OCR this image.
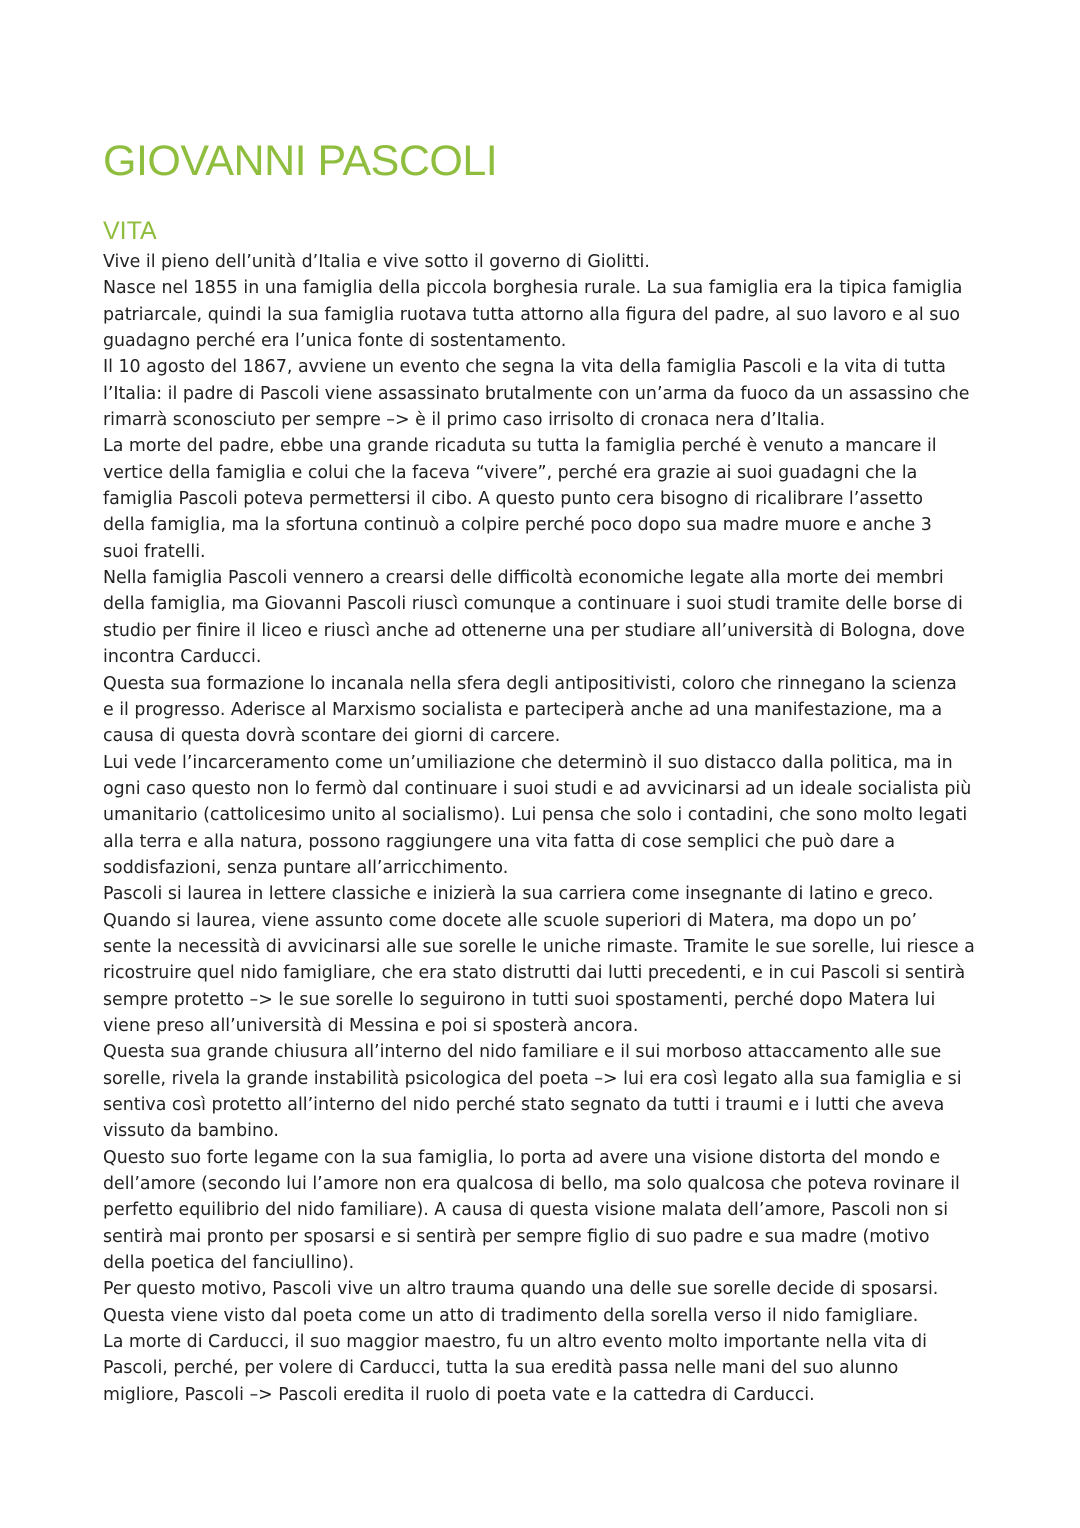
GIOVANNI PASCOLI
VITA
Vive il pieno dell’unità d’Italia e vive sotto il governo di Giolitti.
Nasce nel 1855 in una famiglia della piccola borghesia rurale. La sua famiglia era la tipica famiglia
patriarcale, quindi la sua famiglia ruotava tutta attorno alla figura del padre, al suo lavoro e al suo
guadagno perché era l’unica fonte di sostentamento.
Il 10 agosto del 1867, avviene un evento che segna la vita della famiglia Pascoli e la vita di tutta
l’Italia: il padre di Pascoli viene assassinato brutalmente con un’arma da fuoco da un assassino che
rimarrà sconosciuto per sempre –> è il primo caso irrisolto di cronaca nera d’Italia.
La morte del padre, ebbe una grande ricaduta su tutta la famiglia perché è venuto a mancare il
vertice della famiglia e colui che la faceva “vivere”, perché era grazie ai suoi guadagni che la
famiglia Pascoli poteva permettersi il cibo. A questo punto cera bisogno di ricalibrare l’assetto
della famiglia, ma la sfortuna continuò a colpire perché poco dopo sua madre muore e anche 3
suoi fratelli.
Nella famiglia Pascoli vennero a crearsi delle difficoltà economiche legate alla morte dei membri
della famiglia, ma Giovanni Pascoli riuscì comunque a continuare i suoi studi tramite delle borse di
studio per finire il liceo e riuscì anche ad ottenerne una per studiare all’università di Bologna, dove
incontra Carducci.
Questa sua formazione lo incanala nella sfera degli antipositivisti, coloro che rinnegano la scienza
e il progresso. Aderisce al Marxismo socialista e parteciperà anche ad una manifestazione, ma a
causa di questa dovrà scontare dei giorni di carcere.
Lui vede l’incarceramento come un’umiliazione che determinò il suo distacco dalla politica, ma in
ogni caso questo non lo fermò dal continuare i suoi studi e ad avvicinarsi ad un ideale socialista più
umanitario (cattolicesimo unito al socialismo). Lui pensa che solo i contadini, che sono molto legati
alla terra e alla natura, possono raggiungere una vita fatta di cose semplici che può dare a
soddisfazioni, senza puntare all’arricchimento.
Pascoli si laurea in lettere classiche e inizierà la sua carriera come insegnante di latino e greco.
Quando si laurea, viene assunto come docete alle scuole superiori di Matera, ma dopo un po’
sente la necessità di avvicinarsi alle sue sorelle le uniche rimaste. Tramite le sue sorelle, lui riesce a
ricostruire quel nido famigliare, che era stato distrutti dai lutti precedenti, e in cui Pascoli si sentirà
sempre protetto –> le sue sorelle lo seguirono in tutti suoi spostamenti, perché dopo Matera lui
viene preso all’università di Messina e poi si sposterà ancora.
Questa sua grande chiusura all’interno del nido familiare e il sui morboso attaccamento alle sue
sorelle, rivela la grande instabilità psicologica del poeta –> lui era così legato alla sua famiglia e si
sentiva così protetto all’interno del nido perché stato segnato da tutti i traumi e i lutti che aveva
vissuto da bambino.
Questo suo forte legame con la sua famiglia, lo porta ad avere una visione distorta del mondo e
dell’amore (secondo lui l’amore non era qualcosa di bello, ma solo qualcosa che poteva rovinare il
perfetto equilibrio del nido familiare). A causa di questa visione malata dell’amore, Pascoli non si
sentirà mai pronto per sposarsi e si sentirà per sempre figlio di suo padre e sua madre (motivo
della poetica del fanciullino).
Per questo motivo, Pascoli vive un altro trauma quando una delle sue sorelle decide di sposarsi.
Questa viene visto dal poeta come un atto di tradimento della sorella verso il nido famigliare.
La morte di Carducci, il suo maggior maestro, fu un altro evento molto importante nella vita di
Pascoli, perché, per volere di Carducci, tutta la sua eredità passa nelle mani del suo alunno
migliore, Pascoli –> Pascoli eredita il ruolo di poeta vate e la cattedra di Carducci.
